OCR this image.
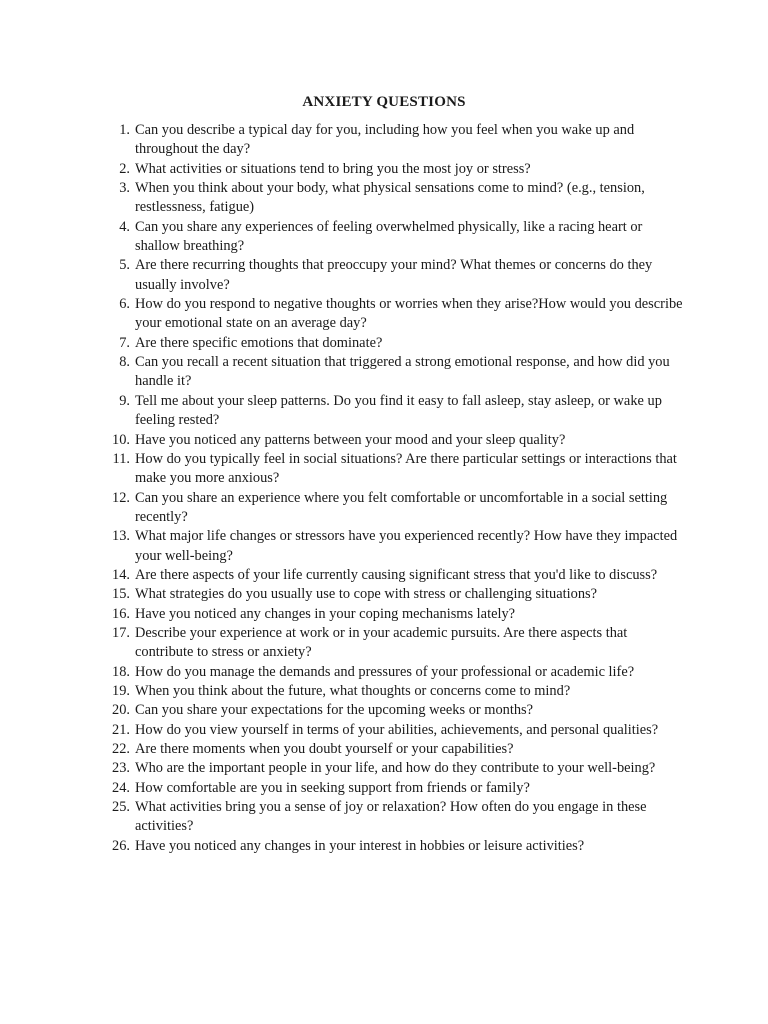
ANXIETY QUESTIONS
1. Can you describe a typical day for you, including how you feel when you wake up and throughout the day?
2. What activities or situations tend to bring you the most joy or stress?
3. When you think about your body, what physical sensations come to mind? (e.g., tension, restlessness, fatigue)
4. Can you share any experiences of feeling overwhelmed physically, like a racing heart or shallow breathing?
5. Are there recurring thoughts that preoccupy your mind? What themes or concerns do they usually involve?
6. How do you respond to negative thoughts or worries when they arise?How would you describe your emotional state on an average day?
7. Are there specific emotions that dominate?
8. Can you recall a recent situation that triggered a strong emotional response, and how did you handle it?
9. Tell me about your sleep patterns. Do you find it easy to fall asleep, stay asleep, or wake up feeling rested?
10. Have you noticed any patterns between your mood and your sleep quality?
11. How do you typically feel in social situations? Are there particular settings or interactions that make you more anxious?
12. Can you share an experience where you felt comfortable or uncomfortable in a social setting recently?
13. What major life changes or stressors have you experienced recently? How have they impacted your well-being?
14. Are there aspects of your life currently causing significant stress that you'd like to discuss?
15. What strategies do you usually use to cope with stress or challenging situations?
16. Have you noticed any changes in your coping mechanisms lately?
17. Describe your experience at work or in your academic pursuits. Are there aspects that contribute to stress or anxiety?
18. How do you manage the demands and pressures of your professional or academic life?
19. When you think about the future, what thoughts or concerns come to mind?
20. Can you share your expectations for the upcoming weeks or months?
21. How do you view yourself in terms of your abilities, achievements, and personal qualities?
22. Are there moments when you doubt yourself or your capabilities?
23. Who are the important people in your life, and how do they contribute to your well-being?
24. How comfortable are you in seeking support from friends or family?
25. What activities bring you a sense of joy or relaxation? How often do you engage in these activities?
26. Have you noticed any changes in your interest in hobbies or leisure activities?
